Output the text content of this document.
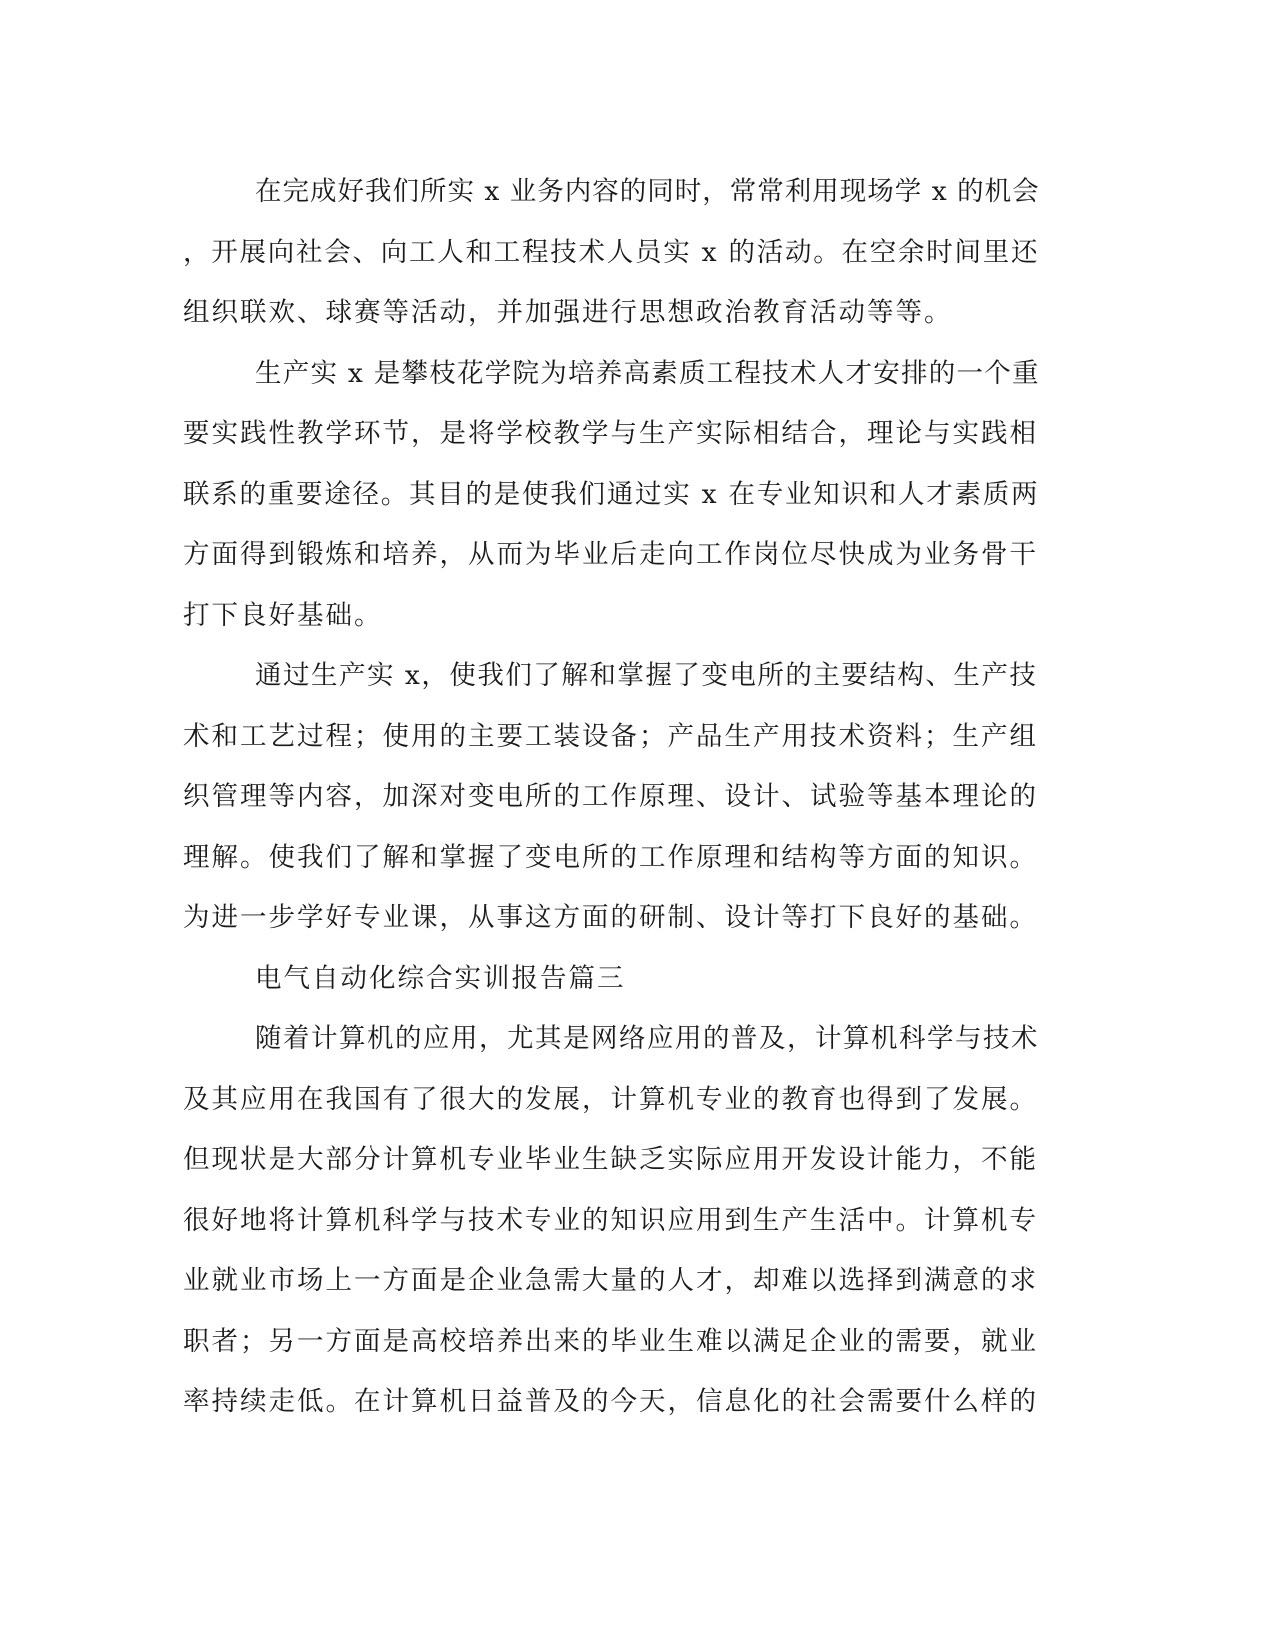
在完成好我们所实 x 业务内容的同时，常常利用现场学 x 的机会
，开展向社会、向工人和工程技术人员实 x 的活动。在空余时间里还
组织联欢、球赛等活动，并加强进行思想政治教育活动等等。
生产实 x 是攀枝花学院为培养高素质工程技术人才安排的一个重
要实践性教学环节，是将学校教学与生产实际相结合，理论与实践相
联系的重要途径。其目的是使我们通过实 x 在专业知识和人才素质两
方面得到锻炼和培养，从而为毕业后走向工作岗位尽快成为业务骨干
打下良好基础。
通过生产实 x，使我们了解和掌握了变电所的主要结构、生产技
术和工艺过程；使用的主要工装设备；产品生产用技术资料；生产组
织管理等内容，加深对变电所的工作原理、设计、试验等基本理论的
理解。使我们了解和掌握了变电所的工作原理和结构等方面的知识。
为进一步学好专业课，从事这方面的研制、设计等打下良好的基础。
电气自动化综合实训报告篇三
随着计算机的应用，尤其是网络应用的普及，计算机科学与技术
及其应用在我国有了很大的发展，计算机专业的教育也得到了发展。
但现状是大部分计算机专业毕业生缺乏实际应用开发设计能力，不能
很好地将计算机科学与技术专业的知识应用到生产生活中。计算机专
业就业市场上一方面是企业急需大量的人才，却难以选择到满意的求
职者；另一方面是高校培养出来的毕业生难以满足企业的需要，就业
率持续走低。在计算机日益普及的今天，信息化的社会需要什么样的
